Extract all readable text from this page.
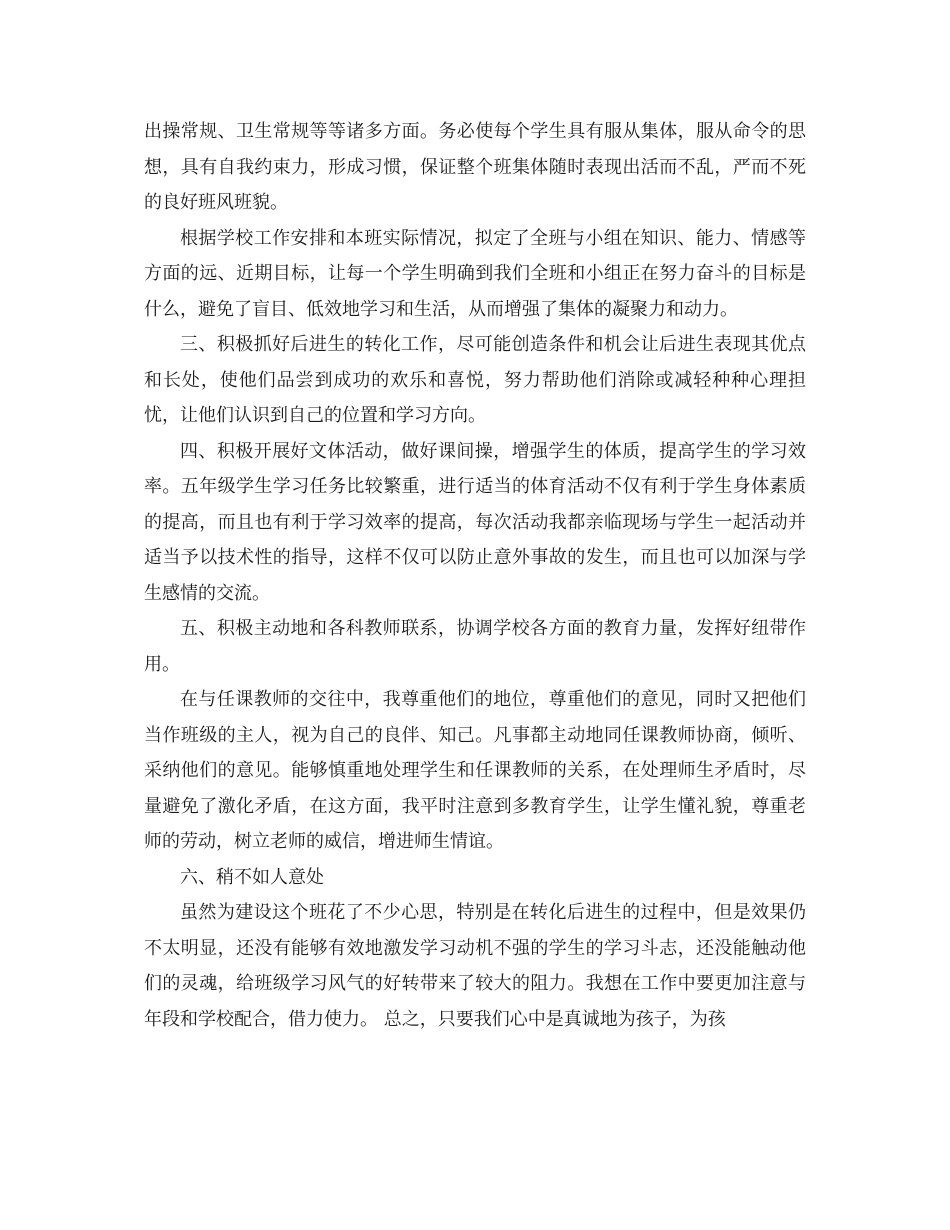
出操常规、卫生常规等等诸多方面。务必使每个学生具有服从集体，服从命令的思想，具有自我约束力，形成习惯，保证整个班集体随时表现出活而不乱，严而不死的良好班风班貌。

根据学校工作安排和本班实际情况，拟定了全班与小组在知识、能力、情感等方面的远、近期目标，让每一个学生明确到我们全班和小组正在努力奋斗的目标是什么，避免了盲目、低效地学习和生活，从而增强了集体的凝聚力和动力。

三、积极抓好后进生的转化工作，尽可能创造条件和机会让后进生表现其优点和长处，使他们品尝到成功的欢乐和喜悦，努力帮助他们消除或减轻种种心理担忧，让他们认识到自己的位置和学习方向。

四、积极开展好文体活动，做好课间操，增强学生的体质，提高学生的学习效率。五年级学生学习任务比较繁重，进行适当的体育活动不仅有利于学生身体素质的提高，而且也有利于学习效率的提高，每次活动我都亲临现场与学生一起活动并适当予以技术性的指导，这样不仅可以防止意外事故的发生，而且也可以加深与学生感情的交流。

五、积极主动地和各科教师联系，协调学校各方面的教育力量，发挥好纽带作用。

在与任课教师的交往中，我尊重他们的地位，尊重他们的意见，同时又把他们当作班级的主人，视为自己的良伴、知己。凡事都主动地同任课教师协商，倾听、采纳他们的意见。能够慎重地处理学生和任课教师的关系，在处理师生矛盾时，尽量避免了激化矛盾，在这方面，我平时注意到多教育学生，让学生懂礼貌，尊重老师的劳动，树立老师的威信，增进师生情谊。

六、稍不如人意处

虽然为建设这个班花了不少心思，特别是在转化后进生的过程中，但是效果仍不太明显，还没有能够有效地激发学习动机不强的学生的学习斗志，还没能触动他们的灵魂，给班级学习风气的好转带来了较大的阻力。我想在工作中要更加注意与年段和学校配合，借力使力。 总之，只要我们心中是真诚地为孩子，为孩
